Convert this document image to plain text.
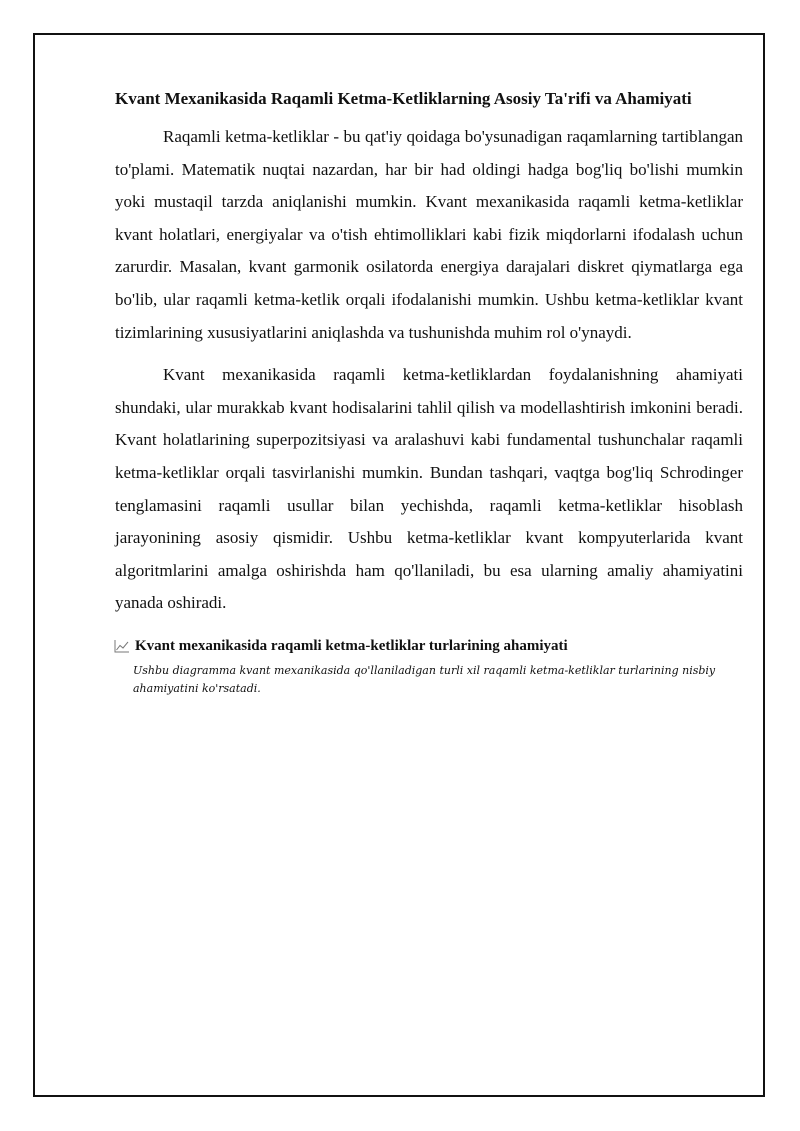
Kvant Mexanikasida Raqamli Ketma-Ketliklarning Asosiy Ta'rifi va Ahamiyati

Raqamli ketma-ketliklar - bu qat'iy qoidaga bo'ysunadigan raqamlarning tartiblangan to'plami. Matematik nuqtai nazardan, har bir had oldingi hadga bog'liq bo'lishi mumkin yoki mustaqil tarzda aniqlanishi mumkin. Kvant mexanikasida raqamli ketma-ketliklar kvant holatlari, energiyalar va o'tish ehtimolliklari kabi fizik miqdorlarni ifodalash uchun zarurdir. Masalan, kvant garmonik osilatorda energiya darajalari diskret qiymatlarga ega bo'lib, ular raqamli ketma-ketlik orqali ifodalanishi mumkin. Ushbu ketma-ketliklar kvant tizimlarining xususiyatlarini aniqlashda va tushunishda muhim rol o'ynaydi.

Kvant mexanikasida raqamli ketma-ketliklardan foydalanishning ahamiyati shundaki, ular murakkab kvant hodisalarini tahlil qilish va modellashtirish imkonini beradi. Kvant holatlarining superpozitsiyasi va aralashuvi kabi fundamental tushunchalar raqamli ketma-ketliklar orqali tasvirlanishi mumkin. Bundan tashqari, vaqtga bog'liq Schrodinger tenglamasini raqamli usullar bilan yechishda, raqamli ketma-ketliklar hisoblash jarayonining asosiy qismidir. Ushbu ketma-ketliklar kvant kompyuterlarida kvant algoritmlarini amalga oshirishda ham qo'llaniladi, bu esa ularning amaliy ahamiyatini yanada oshiradi.

Kvant mexanikasida raqamli ketma-ketliklar turlarining ahamiyati
Ushbu diagramma kvant mexanikasida qo'llaniladigan turli xil raqamli ketma-ketliklar turlarining nisbiy ahamiyatini ko'rsatadi.
